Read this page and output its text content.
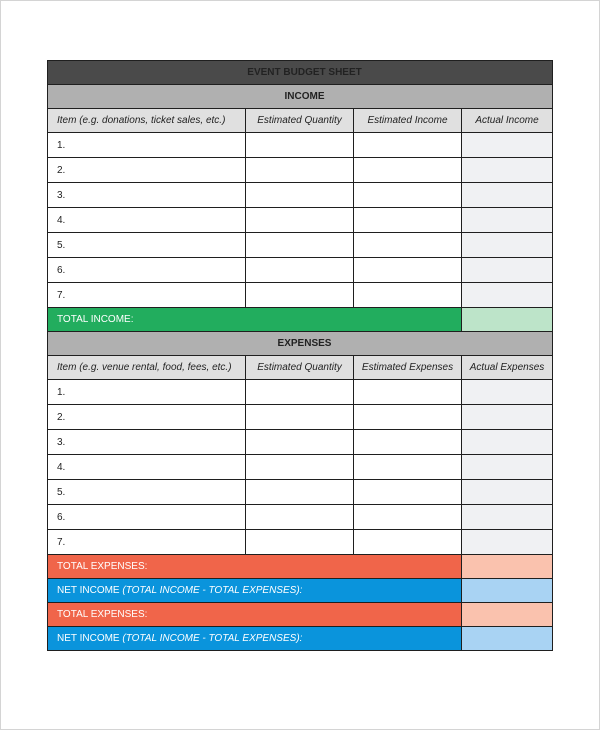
EVENT BUDGET SHEET			
INCOME			
Item (e.g. donations, ticket sales, etc.)	Estimated Quantity	Estimated Income	Actual Income
1.			
2.			
3.			
4.			
5.			
6.			
7.			
TOTAL INCOME:			
EXPENSES			
Item (e.g. venue rental, food, fees, etc.)	Estimated Quantity	Estimated Expenses	Actual Expenses
1.			
2.			
3.			
4.			
5.			
6.			
7.			
TOTAL EXPENSES:			
NET INCOME (TOTAL INCOME - TOTAL EXPENSES):			
TOTAL EXPENSES:			
NET INCOME (TOTAL INCOME - TOTAL EXPENSES):			
